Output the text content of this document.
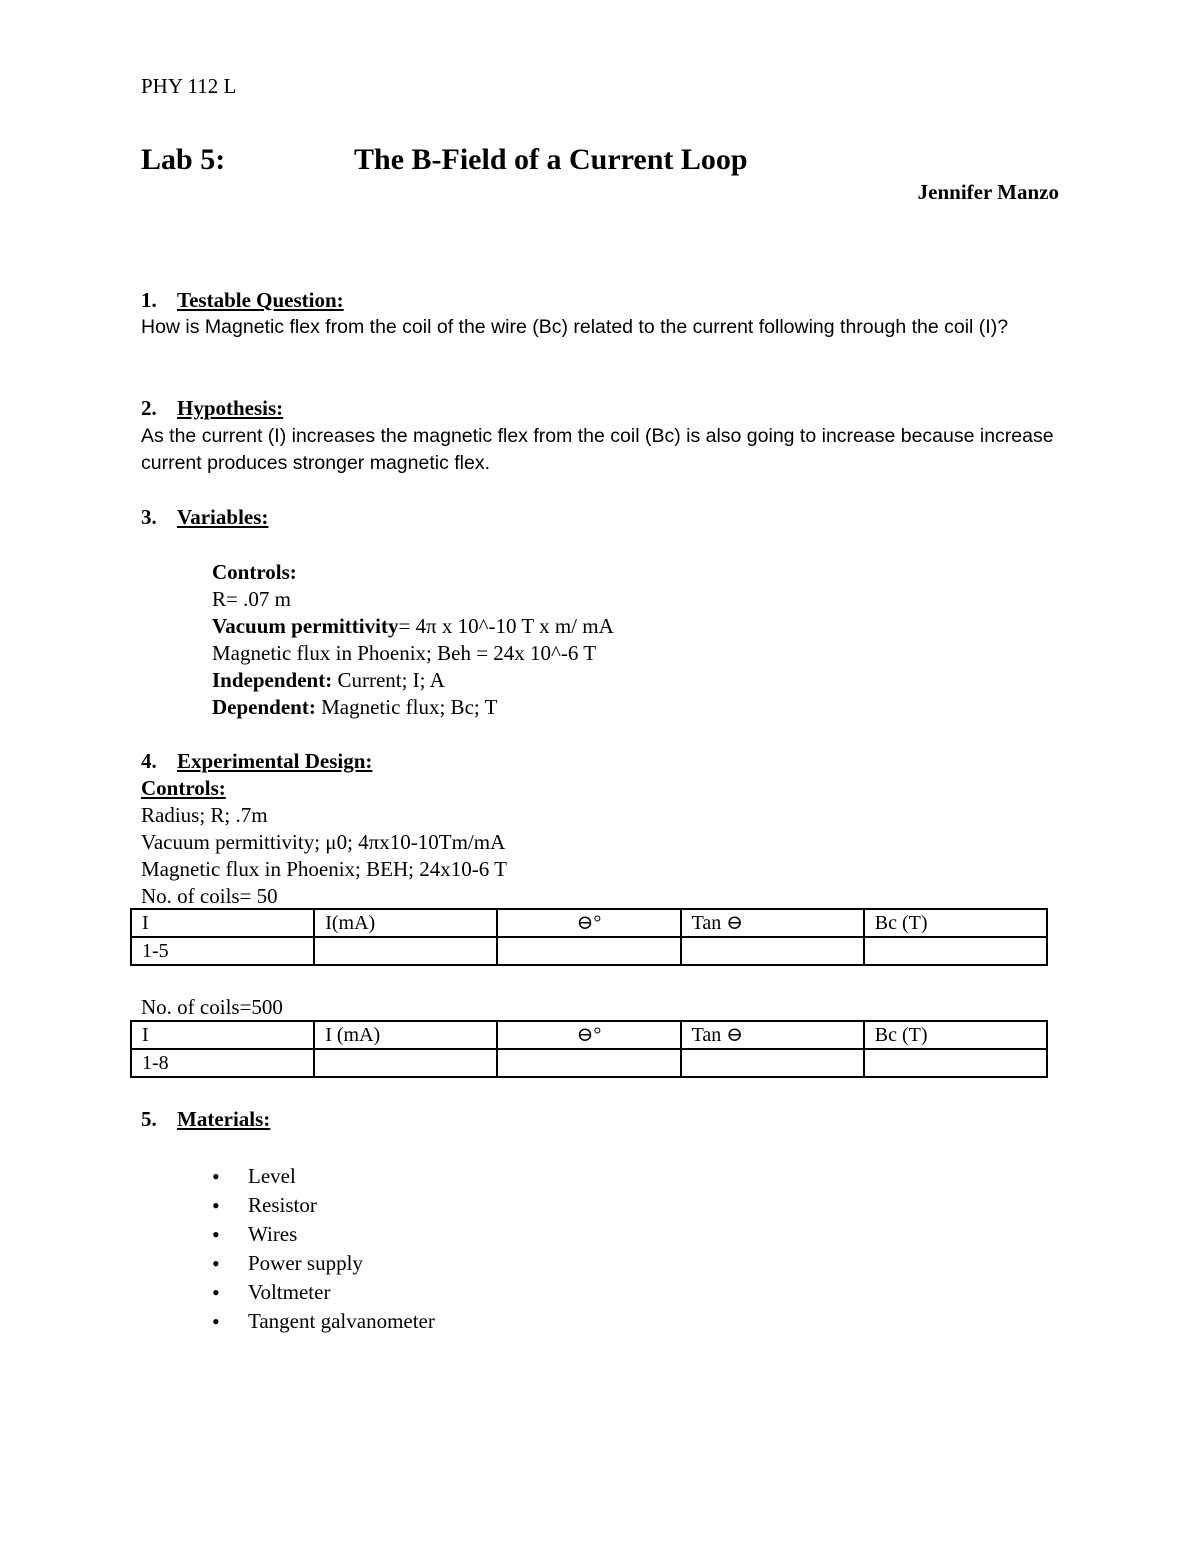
PHY 112 L
Lab 5:	The B-Field of a Current Loop
Jennifer Manzo
1. Testable Question:
How is Magnetic flex from the coil of the wire (Bc) related to the current following through the coil (I)?
2. Hypothesis:
As the current (I) increases the magnetic flex from the coil (Bc) is also going to increase because increase current produces stronger magnetic flex.
3. Variables:
Controls:
R= .07 m
Vacuum permittivity= 4π x 10^-10 T x m/ mA
Magnetic flux in Phoenix; Beh = 24x 10^-6 T
Independent: Current; I; A
Dependent: Magnetic flux; Bc; T
4. Experimental Design:
Controls:
Radius; R; .7m
Vacuum permittivity; μ0; 4πx10-10Tm/mA
Magnetic flux in Phoenix; BEH; 24x10-6 T
No. of coils= 50
I	I(mA)	⊖°	Tan ⊖	Bc (T)
1-5				
No. of coils=500
I	I (mA)	⊖°	Tan ⊖	Bc (T)
1-8				
5. Materials:
• Level
• Resistor
• Wires
• Power supply
• Voltmeter
• Tangent galvanometer
